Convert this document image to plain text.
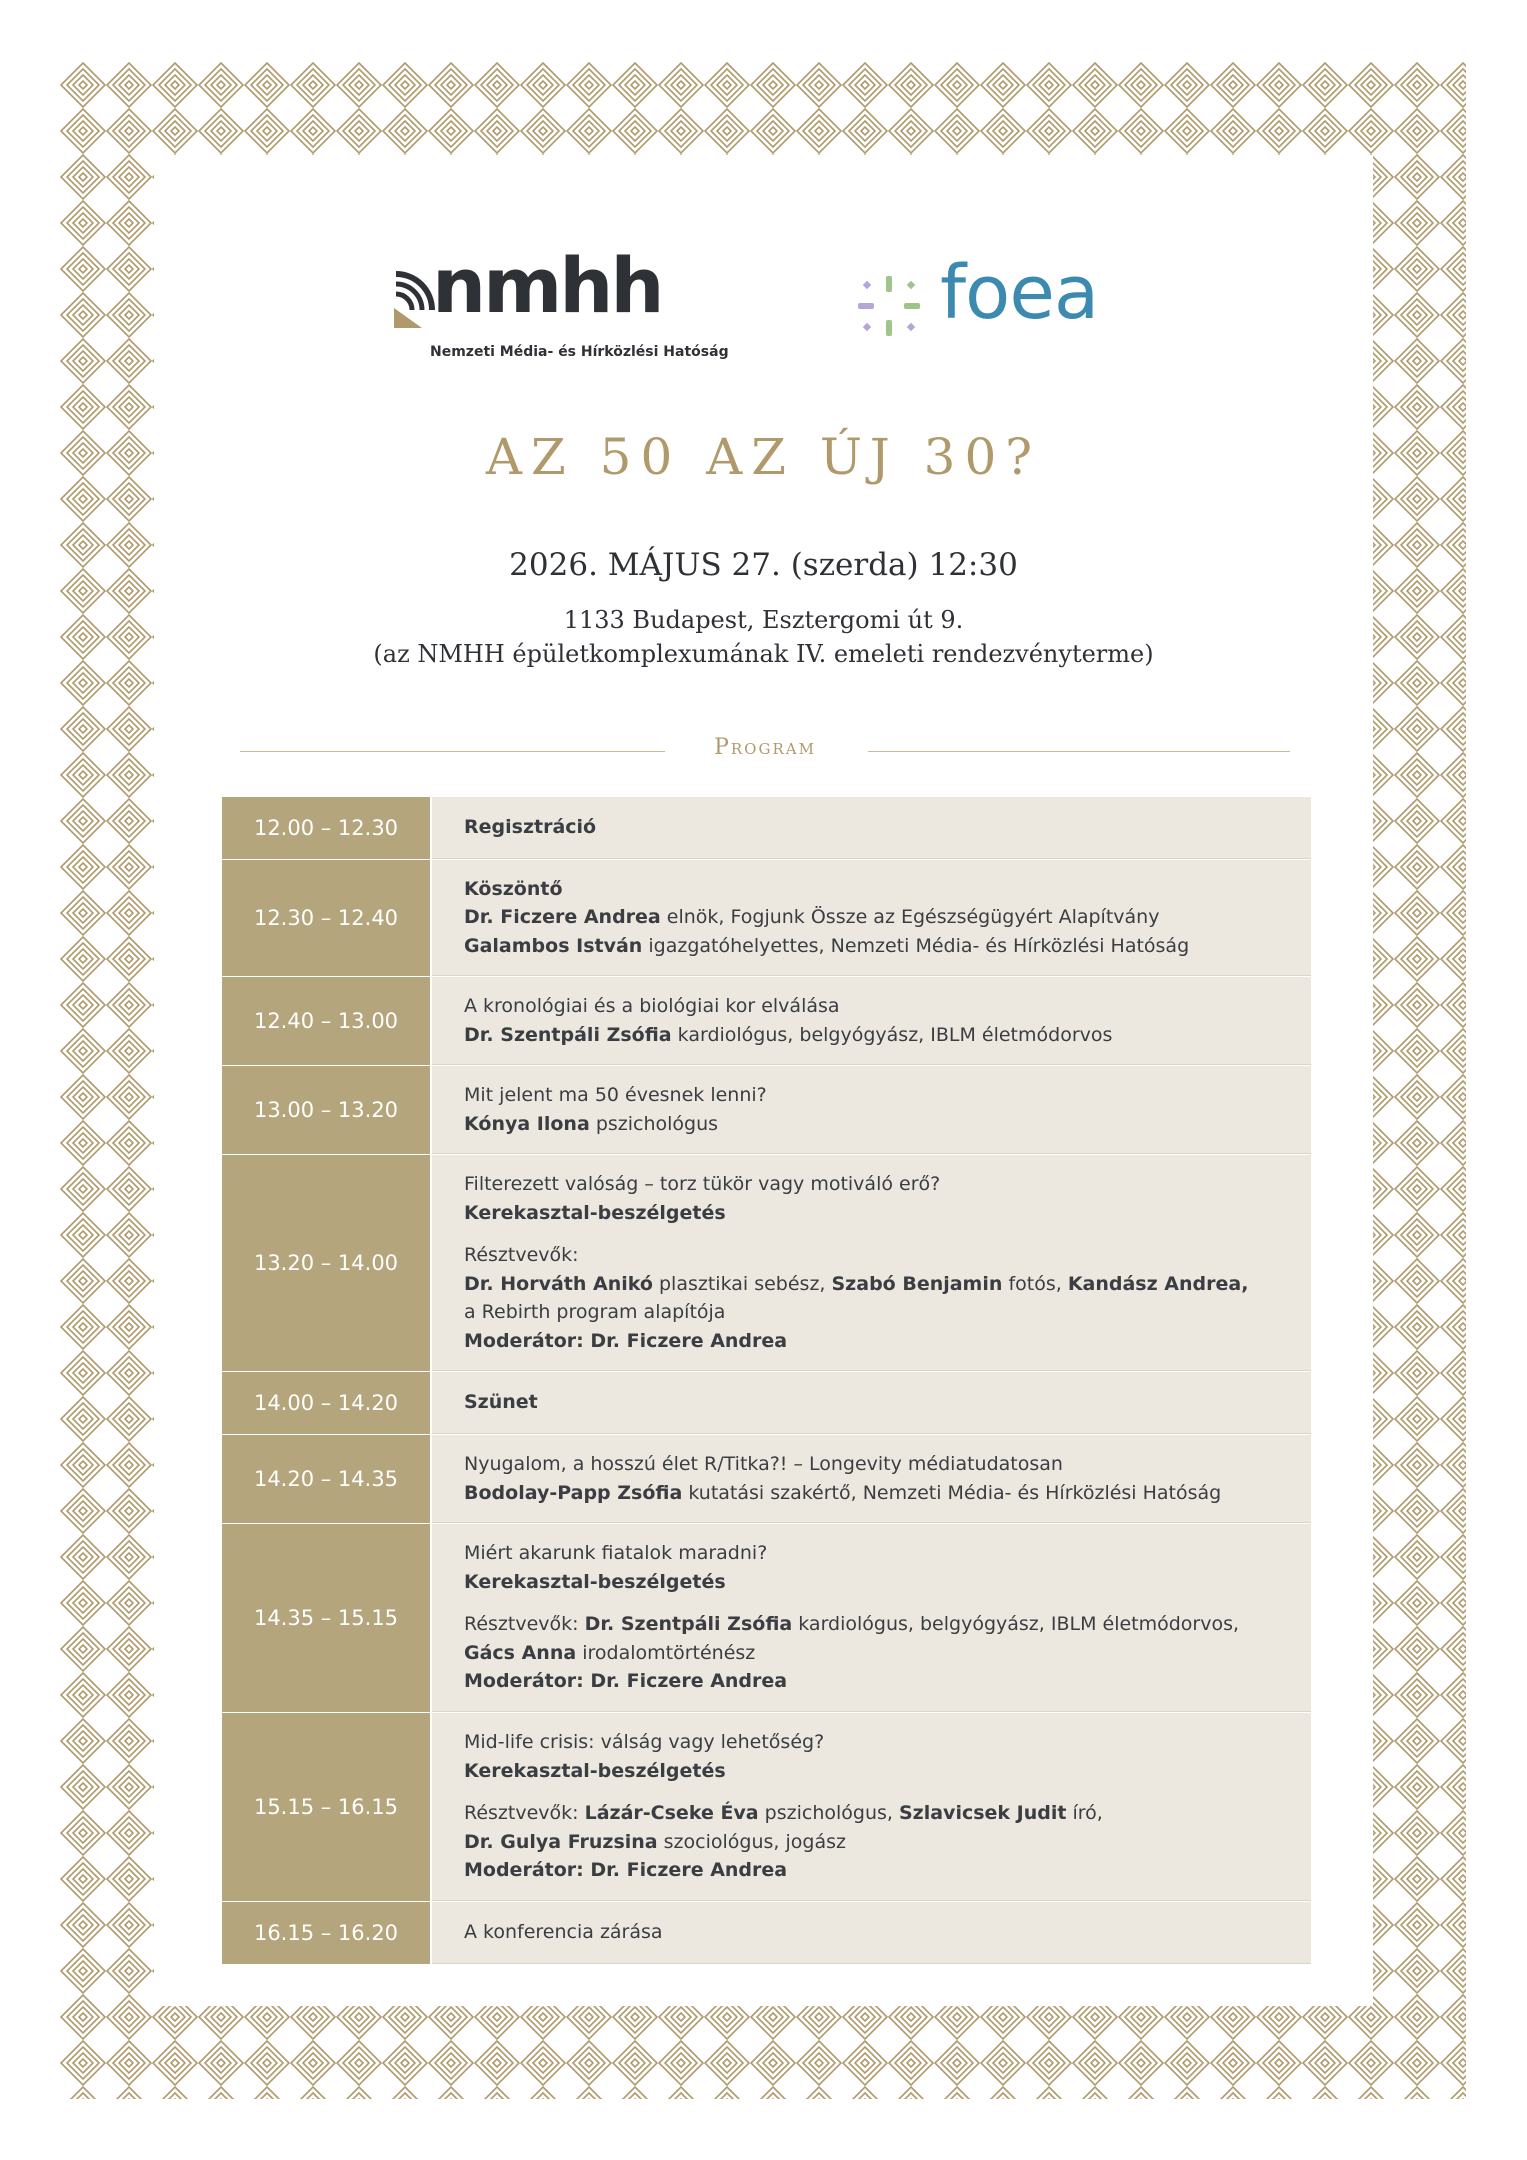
nmhh
Nemzeti Média- és Hírközlési Hatóság
foea
AZ 50 AZ ÚJ 30?
2026. MÁJUS 27. (szerda) 12:30
1133 Budapest, Esztergomi út 9.
(az NMHH épületkomplexumának IV. emeleti rendezvényterme)
Program
12.00 – 12.30	Regisztráció
12.30 – 12.40
Köszöntő
Dr. Ficzere Andrea elnök, Fogjunk Össze az Egészségügyért Alapítvány
Galambos István igazgatóhelyettes, Nemzeti Média- és Hírközlési Hatóság
12.40 – 13.00
A kronológiai és a biológiai kor elválása
Dr. Szentpáli Zsófia kardiológus, belgyógyász, IBLM életmódorvos
13.00 – 13.20
Mit jelent ma 50 évesnek lenni?
Kónya Ilona pszichológus
13.20 – 14.00
Filterezett valóság – torz tükör vagy motiváló erő?
Kerekasztal-beszélgetés
Résztvevők:
Dr. Horváth Anikó plasztikai sebész, Szabó Benjamin fotós, Kandász Andrea,
a Rebirth program alapítója
Moderátor: Dr. Ficzere Andrea
14.00 – 14.20	Szünet
14.20 – 14.35
Nyugalom, a hosszú élet R/Titka?! – Longevity médiatudatosan
Bodolay-Papp Zsófia kutatási szakértő, Nemzeti Média- és Hírközlési Hatóság
14.35 – 15.15
Miért akarunk fiatalok maradni?
Kerekasztal-beszélgetés
Résztvevők: Dr. Szentpáli Zsófia kardiológus, belgyógyász, IBLM életmódorvos,
Gács Anna irodalomtörténész
Moderátor: Dr. Ficzere Andrea
15.15 – 16.15
Mid-life crisis: válság vagy lehetőség?
Kerekasztal-beszélgetés
Résztvevők: Lázár-Cseke Éva pszichológus, Szlavicsek Judit író,
Dr. Gulya Fruzsina szociológus, jogász
Moderátor: Dr. Ficzere Andrea
16.15 – 16.20	A konferencia zárása
